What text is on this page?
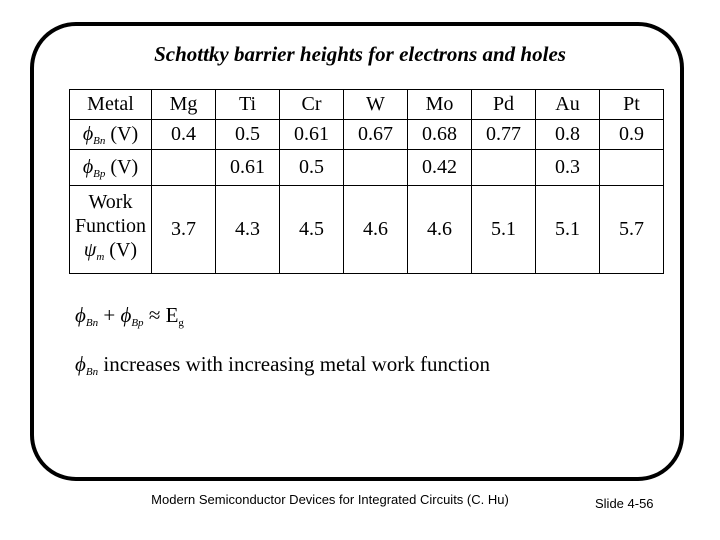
Schottky barrier heights for electrons and holes
Metal	Mg	Ti	Cr	W	Mo	Pd	Au	Pt
$\phi_{Bn}$ (V)	0.4	0.5	0.61	0.67	0.68	0.77	0.8	0.9
$\phi_{Bp}$ (V)		0.61	0.5		0.42		0.3	

Work
Function
$\psi_m$ (V)	3.7	4.3	4.5	4.6	4.6	5.1	5.1	5.7
$\phi_{Bn} + \phi_{Bp} \approx E_g$
$\phi_{Bn}$ increases with increasing metal work function
Modern Semiconductor Devices for Integrated Circuits (C. Hu)	Slide 4-56
